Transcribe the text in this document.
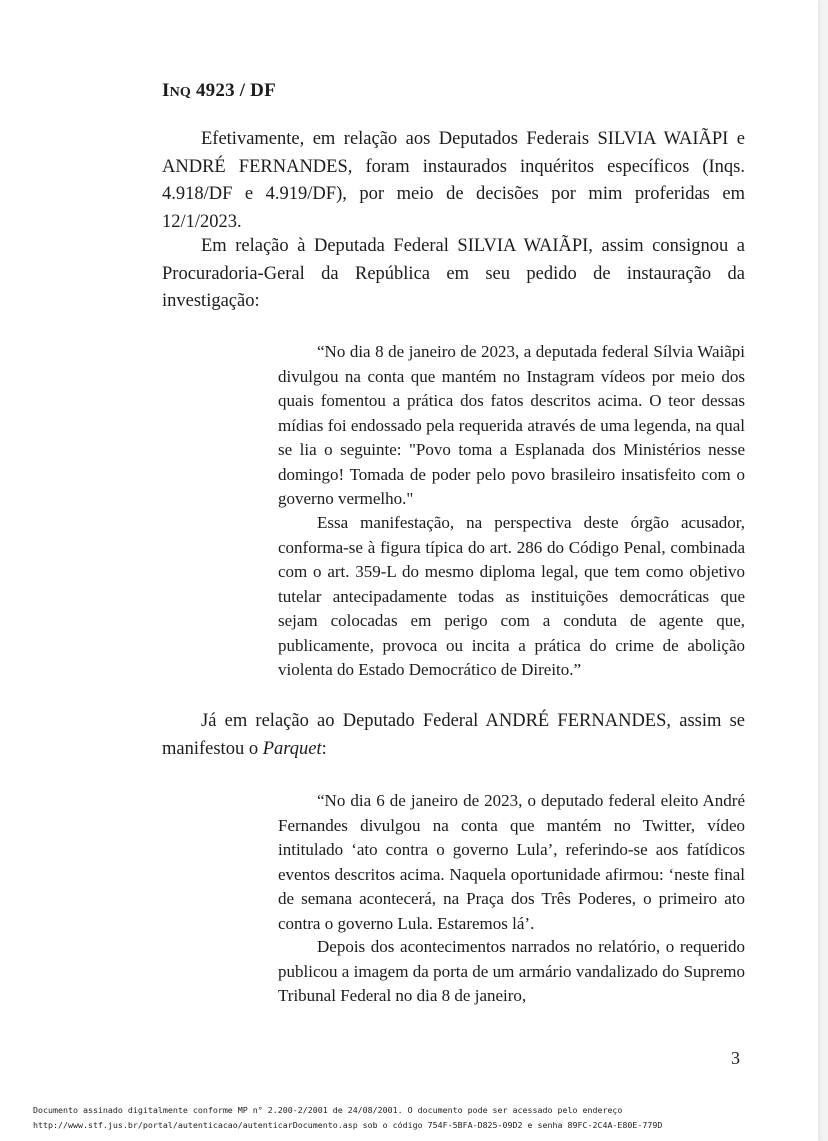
INQ 4923 / DF

Efetivamente, em relação aos Deputados Federais SILVIA WAIÃPI e ANDRÉ FERNANDES, foram instaurados inquéritos específicos (Inqs. 4.918/DF e 4.919/DF), por meio de decisões por mim proferidas em 12/1/2023.

Em relação à Deputada Federal SILVIA WAIÃPI, assim consignou a Procuradoria-Geral da República em seu pedido de instauração da investigação:

“No dia 8 de janeiro de 2023, a deputada federal Sílvia Waiãpi divulgou na conta que mantém no Instagram vídeos por meio dos quais fomentou a prática dos fatos descritos acima. O teor dessas mídias foi endossado pela requerida através de uma legenda, na qual se lia o seguinte: "Povo toma a Esplanada dos Ministérios nesse domingo! Tomada de poder pelo povo brasileiro insatisfeito com o governo vermelho."

Essa manifestação, na perspectiva deste órgão acusador, conforma-se à figura típica do art. 286 do Código Penal, combinada com o art. 359-L do mesmo diploma legal, que tem como objetivo tutelar antecipadamente todas as instituições democráticas que sejam colocadas em perigo com a conduta de agente que, publicamente, provoca ou incita a prática do crime de abolição violenta do Estado Democrático de Direito.”

Já em relação ao Deputado Federal ANDRÉ FERNANDES, assim se manifestou o Parquet:

“No dia 6 de janeiro de 2023, o deputado federal eleito André Fernandes divulgou na conta que mantém no Twitter, vídeo intitulado ‘ato contra o governo Lula’, referindo-se aos fatídicos eventos descritos acima. Naquela oportunidade afirmou: ‘neste final de semana acontecerá, na Praça dos Três Poderes, o primeiro ato contra o governo Lula. Estaremos lá’.

Depois dos acontecimentos narrados no relatório, o requerido publicou a imagem da porta de um armário vandalizado do Supremo Tribunal Federal no dia 8 de janeiro,

3
Documento assinado digitalmente conforme MP n° 2.200-2/2001 de 24/08/2001. O documento pode ser acessado pelo endereço
http://www.stf.jus.br/portal/autenticacao/autenticarDocumento.asp sob o código 754F-5BFA-D825-09D2 e senha 89FC-2C4A-E80E-779D
